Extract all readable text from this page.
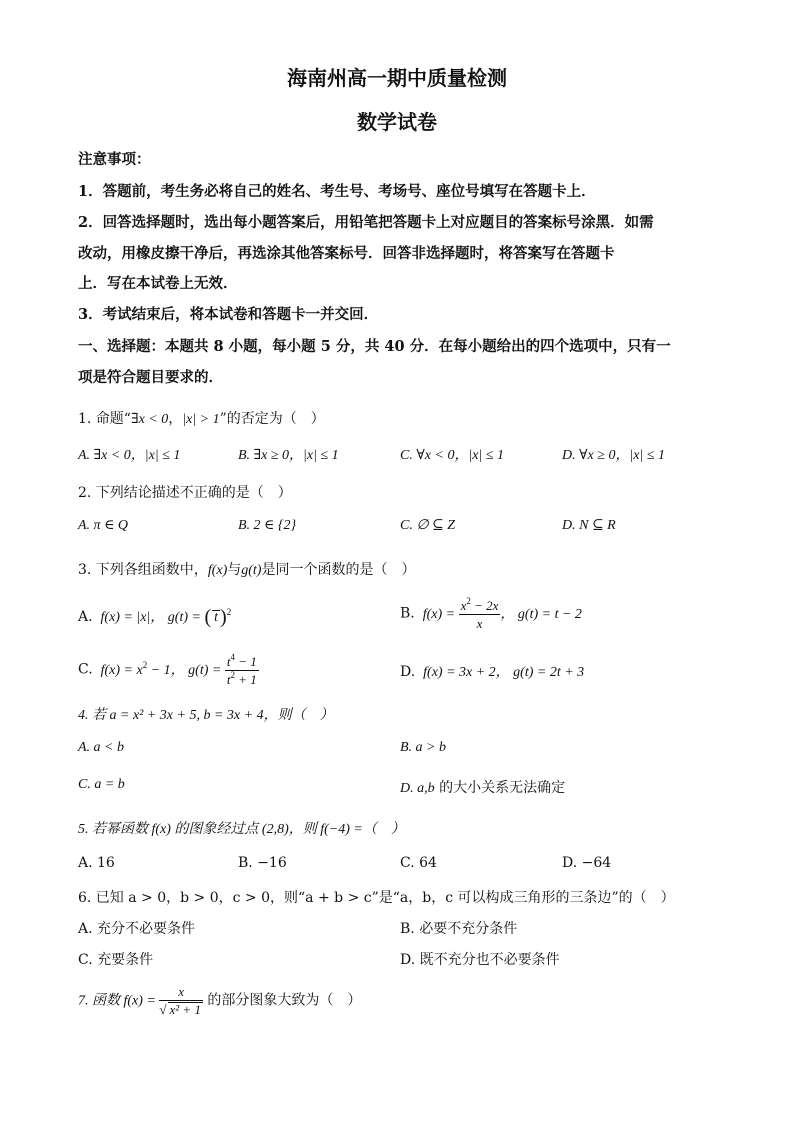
海南州高一期中质量检测
数学试卷
注意事项：
1．答题前，考生务必将自己的姓名、考生号、考场号、座位号填写在答题卡上．
2．回答选择题时，选出每小题答案后，用铅笔把答题卡上对应题目的答案标号涂黑．如需
改动，用橡皮擦干净后，再选涂其他答案标号．回答非选择题时，将答案写在答题卡
上．写在本试卷上无效．
3．考试结束后，将本试卷和答题卡一并交回．
一、选择题：本题共 8 小题，每小题 5 分，共 40 分．在每小题给出的四个选项中，只有一
项是符合题目要求的．
1. 命题“∃x < 0，|x| > 1”的否定为（　）
A. ∃x < 0，|x| ≤ 1	B. ∃x ≥ 0，|x| ≤ 1	C. ∀x < 0，|x| ≤ 1	D. ∀x ≥ 0，|x| ≤ 1
2. 下列结论描述不正确的是（　）
A. π ∈ Q	B. 2 ∈ {2}	C. ∅ ⊆ Z	D. N ⊆ R
3. 下列各组函数中，f(x)与g(t)是同一个函数的是（　）
A.  f(x) = |x|， g(t) = ( t )$^2$	B.  $f(x) = \frac{x^2 - 2x}{x}$ ， g(t) = t − 2
C.  $f(x) = x^2 - 1$， $g(t) = \frac{t^4 - 1}{t^2 + 1}$	D.  f(x) = 3x + 2， g(t) = 2t + 3
4. 若 a = x² + 3x + 5, b = 3x + 4，则（　）
A. a < b	B. a > b
C. a = b	D. a,b 的大小关系无法确定
5. 若幂函数 f(x) 的图象经过点 (2,8)，则 f(−4) =（　）
A. 16	B. −16	C. 64	D. −64
6. 已知 a > 0，b > 0，c > 0，则“a + b > c”是“a，b，c 可以构成三角形的三条边”的（　）
A. 充分不必要条件	B. 必要不充分条件
C. 充要条件	D. 既不充分也不必要条件
7. 函数 $f(x) = \frac{x}{\text{√ x² + 1}}$ 的部分图象大致为（　）
